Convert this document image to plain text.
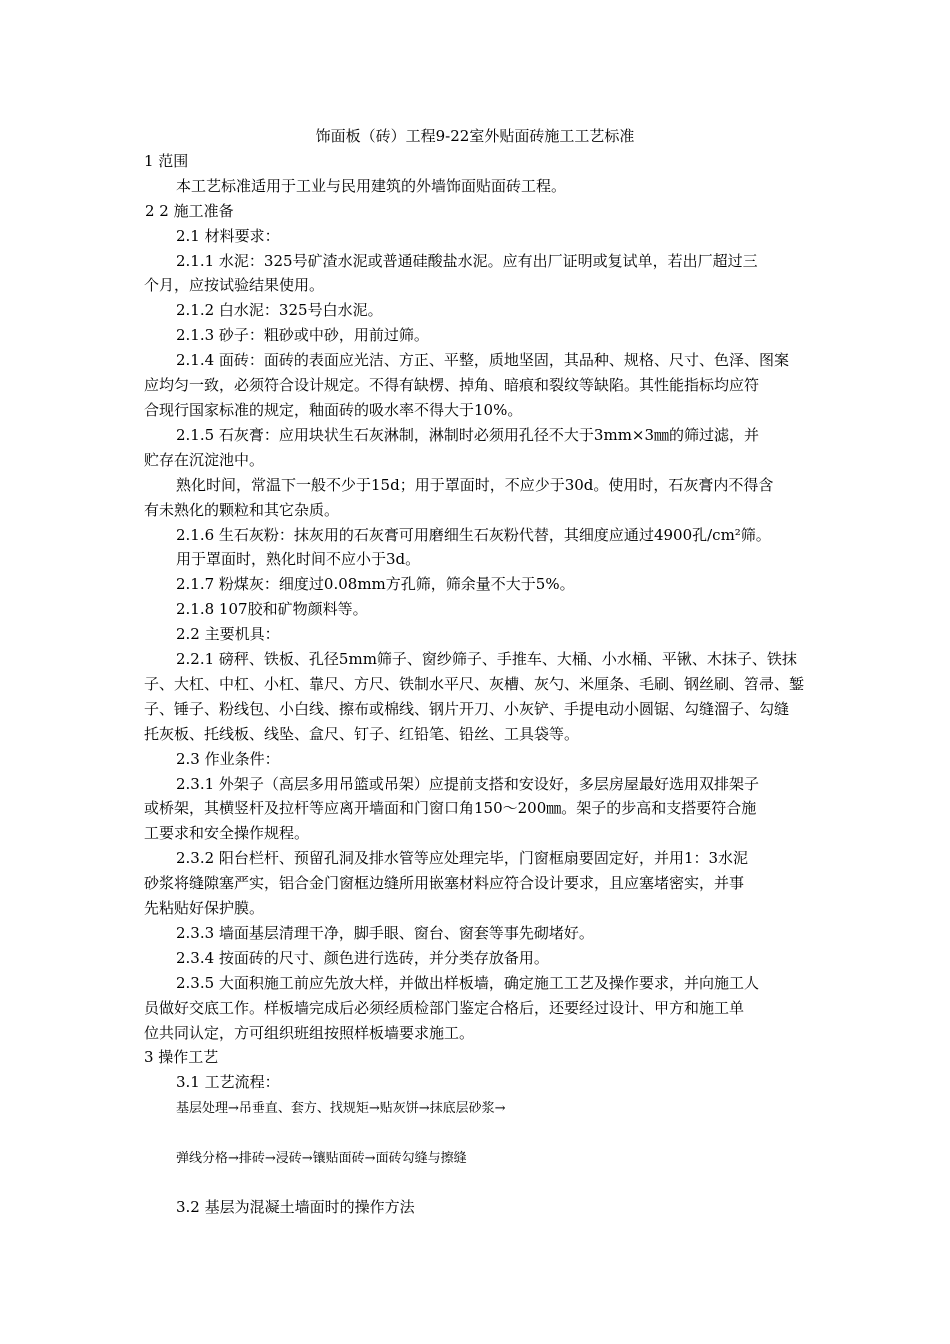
饰面板（砖）工程9-22室外贴面砖施工工艺标准
1 范围
本工艺标准适用于工业与民用建筑的外墙饰面贴面砖工程。
2 2 施工准备
2.1 材料要求：
2.1.1 水泥：325号矿渣水泥或普通硅酸盐水泥。应有出厂证明或复试单，若出厂超过三
个月，应按试验结果使用。
2.1.2 白水泥：325号白水泥。
2.1.3 砂子：粗砂或中砂，用前过筛。
2.1.4 面砖：面砖的表面应光洁、方正、平整，质地坚固，其品种、规格、尺寸、色泽、图案
应均匀一致，必须符合设计规定。不得有缺楞、掉角、暗痕和裂纹等缺陷。其性能指标均应符
合现行国家标准的规定，釉面砖的吸水率不得大于10%。
2.1.5 石灰膏：应用块状生石灰淋制，淋制时必须用孔径不大于3mm×3㎜的筛过滤，并
贮存在沉淀池中。
熟化时间，常温下一般不少于15d；用于罩面时，不应少于30d。使用时，石灰膏内不得含
有未熟化的颗粒和其它杂质。
2.1.6 生石灰粉：抹灰用的石灰膏可用磨细生石灰粉代替，其细度应通过4900孔/cm²筛。
用于罩面时，熟化时间不应小于3d。
2.1.7 粉煤灰：细度过0.08mm方孔筛，筛余量不大于5%。
2.1.8 107胶和矿物颜料等。
2.2 主要机具：
2.2.1 磅秤、铁板、孔径5mm筛子、窗纱筛子、手推车、大桶、小水桶、平锹、木抹子、铁抹
子、大杠、中杠、小杠、靠尺、方尺、铁制水平尺、灰槽、灰勺、米厘条、毛刷、钢丝刷、笤帚、錾
子、锤子、粉线包、小白线、擦布或棉线、钢片开刀、小灰铲、手提电动小圆锯、勾缝溜子、勾缝
托灰板、托线板、线坠、盒尺、钉子、红铅笔、铅丝、工具袋等。
2.3 作业条件：
2.3.1 外架子（高层多用吊篮或吊架）应提前支搭和安设好，多层房屋最好选用双排架子
或桥架，其横竖杆及拉杆等应离开墙面和门窗口角150～200㎜。架子的步高和支搭要符合施
工要求和安全操作规程。
2.3.2 阳台栏杆、预留孔洞及排水管等应处理完毕，门窗框扇要固定好，并用1：3水泥
砂浆将缝隙塞严实，铝合金门窗框边缝所用嵌塞材料应符合设计要求，且应塞堵密实，并事
先粘贴好保护膜。
2.3.3 墙面基层清理干净，脚手眼、窗台、窗套等事先砌堵好。
2.3.4 按面砖的尺寸、颜色进行选砖，并分类存放备用。
2.3.5 大面积施工前应先放大样，并做出样板墙，确定施工工艺及操作要求，并向施工人
员做好交底工作。样板墙完成后必须经质检部门鉴定合格后，还要经过设计、甲方和施工单
位共同认定，方可组织班组按照样板墙要求施工。
3 操作工艺
3.1 工艺流程：
基层处理→吊垂直、套方、找规矩→贴灰饼→抹底层砂浆→
弹线分格→排砖→浸砖→镶贴面砖→面砖勾缝与擦缝
3.2 基层为混凝土墙面时的操作方法
